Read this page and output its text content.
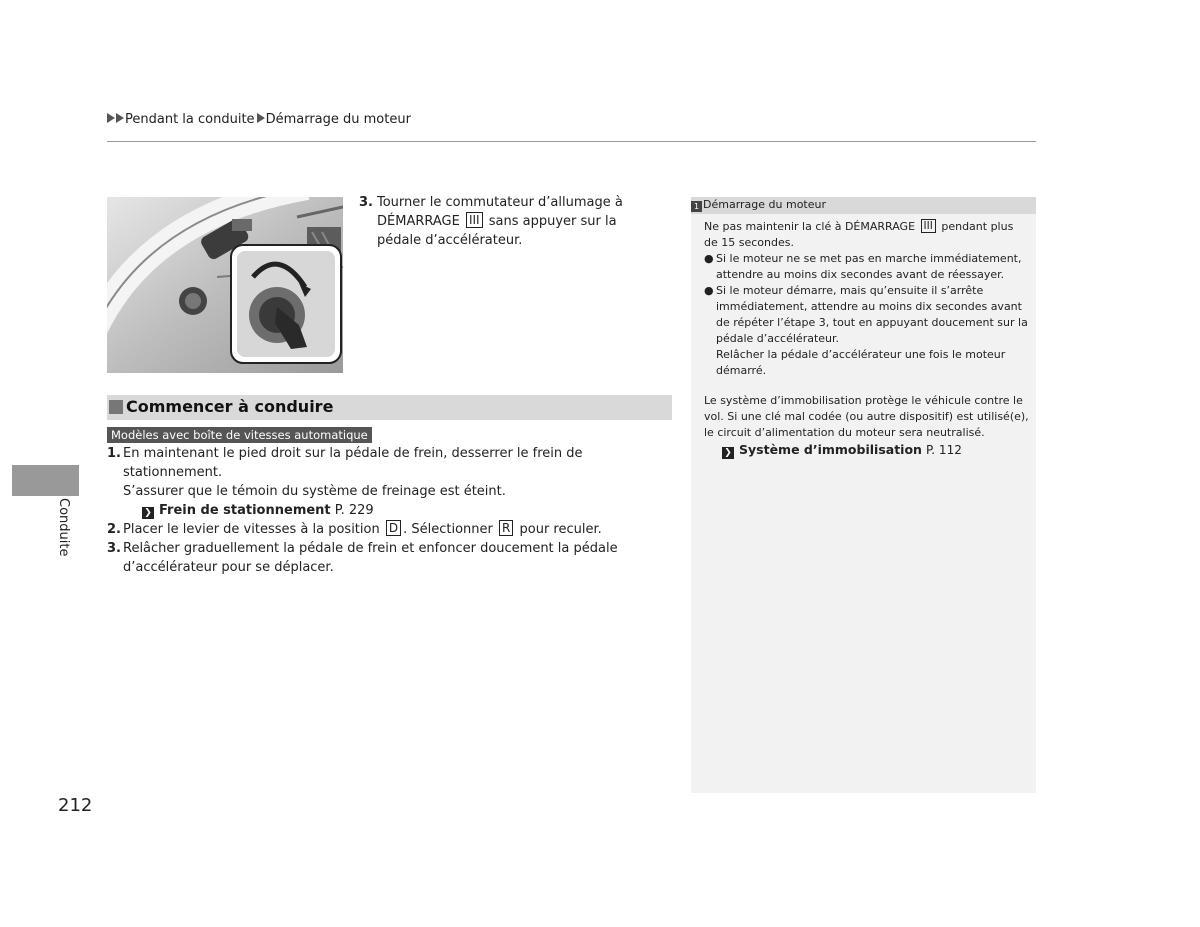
Pendant la conduite Démarrage du moteur
3. Tourner le commutateur d’allumage à DÉMARRAGE III sans appuyer sur la pédale d’accélérateur.
Commencer à conduire
Modèles avec boîte de vitesses automatique
1. En maintenant le pied droit sur la pédale de frein, desserrer le frein de stationnement.
S’assurer que le témoin du système de freinage est éteint.
❯ Frein de stationnement P. 229
2. Placer le levier de vitesses à la position D . Sélectionner R pour reculer.
3. Relâcher graduellement la pédale de frein et enfoncer doucement la pédale d’accélérateur pour se déplacer.
1 Démarrage du moteur
Ne pas maintenir la clé à DÉMARRAGE III pendant plus de 15 secondes.
● Si le moteur ne se met pas en marche immédiatement, attendre au moins dix secondes avant de réessayer.
● Si le moteur démarre, mais qu’ensuite il s’arrête immédiatement, attendre au moins dix secondes avant de répéter l’étape 3, tout en appuyant doucement sur la pédale d’accélérateur.
Relâcher la pédale d’accélérateur une fois le moteur démarré.
Le système d’immobilisation protège le véhicule contre le vol. Si une clé mal codée (ou autre dispositif) est utilisé(e), le circuit d’alimentation du moteur sera neutralisé.
❯ Système d’immobilisation P. 112
Conduite
212
